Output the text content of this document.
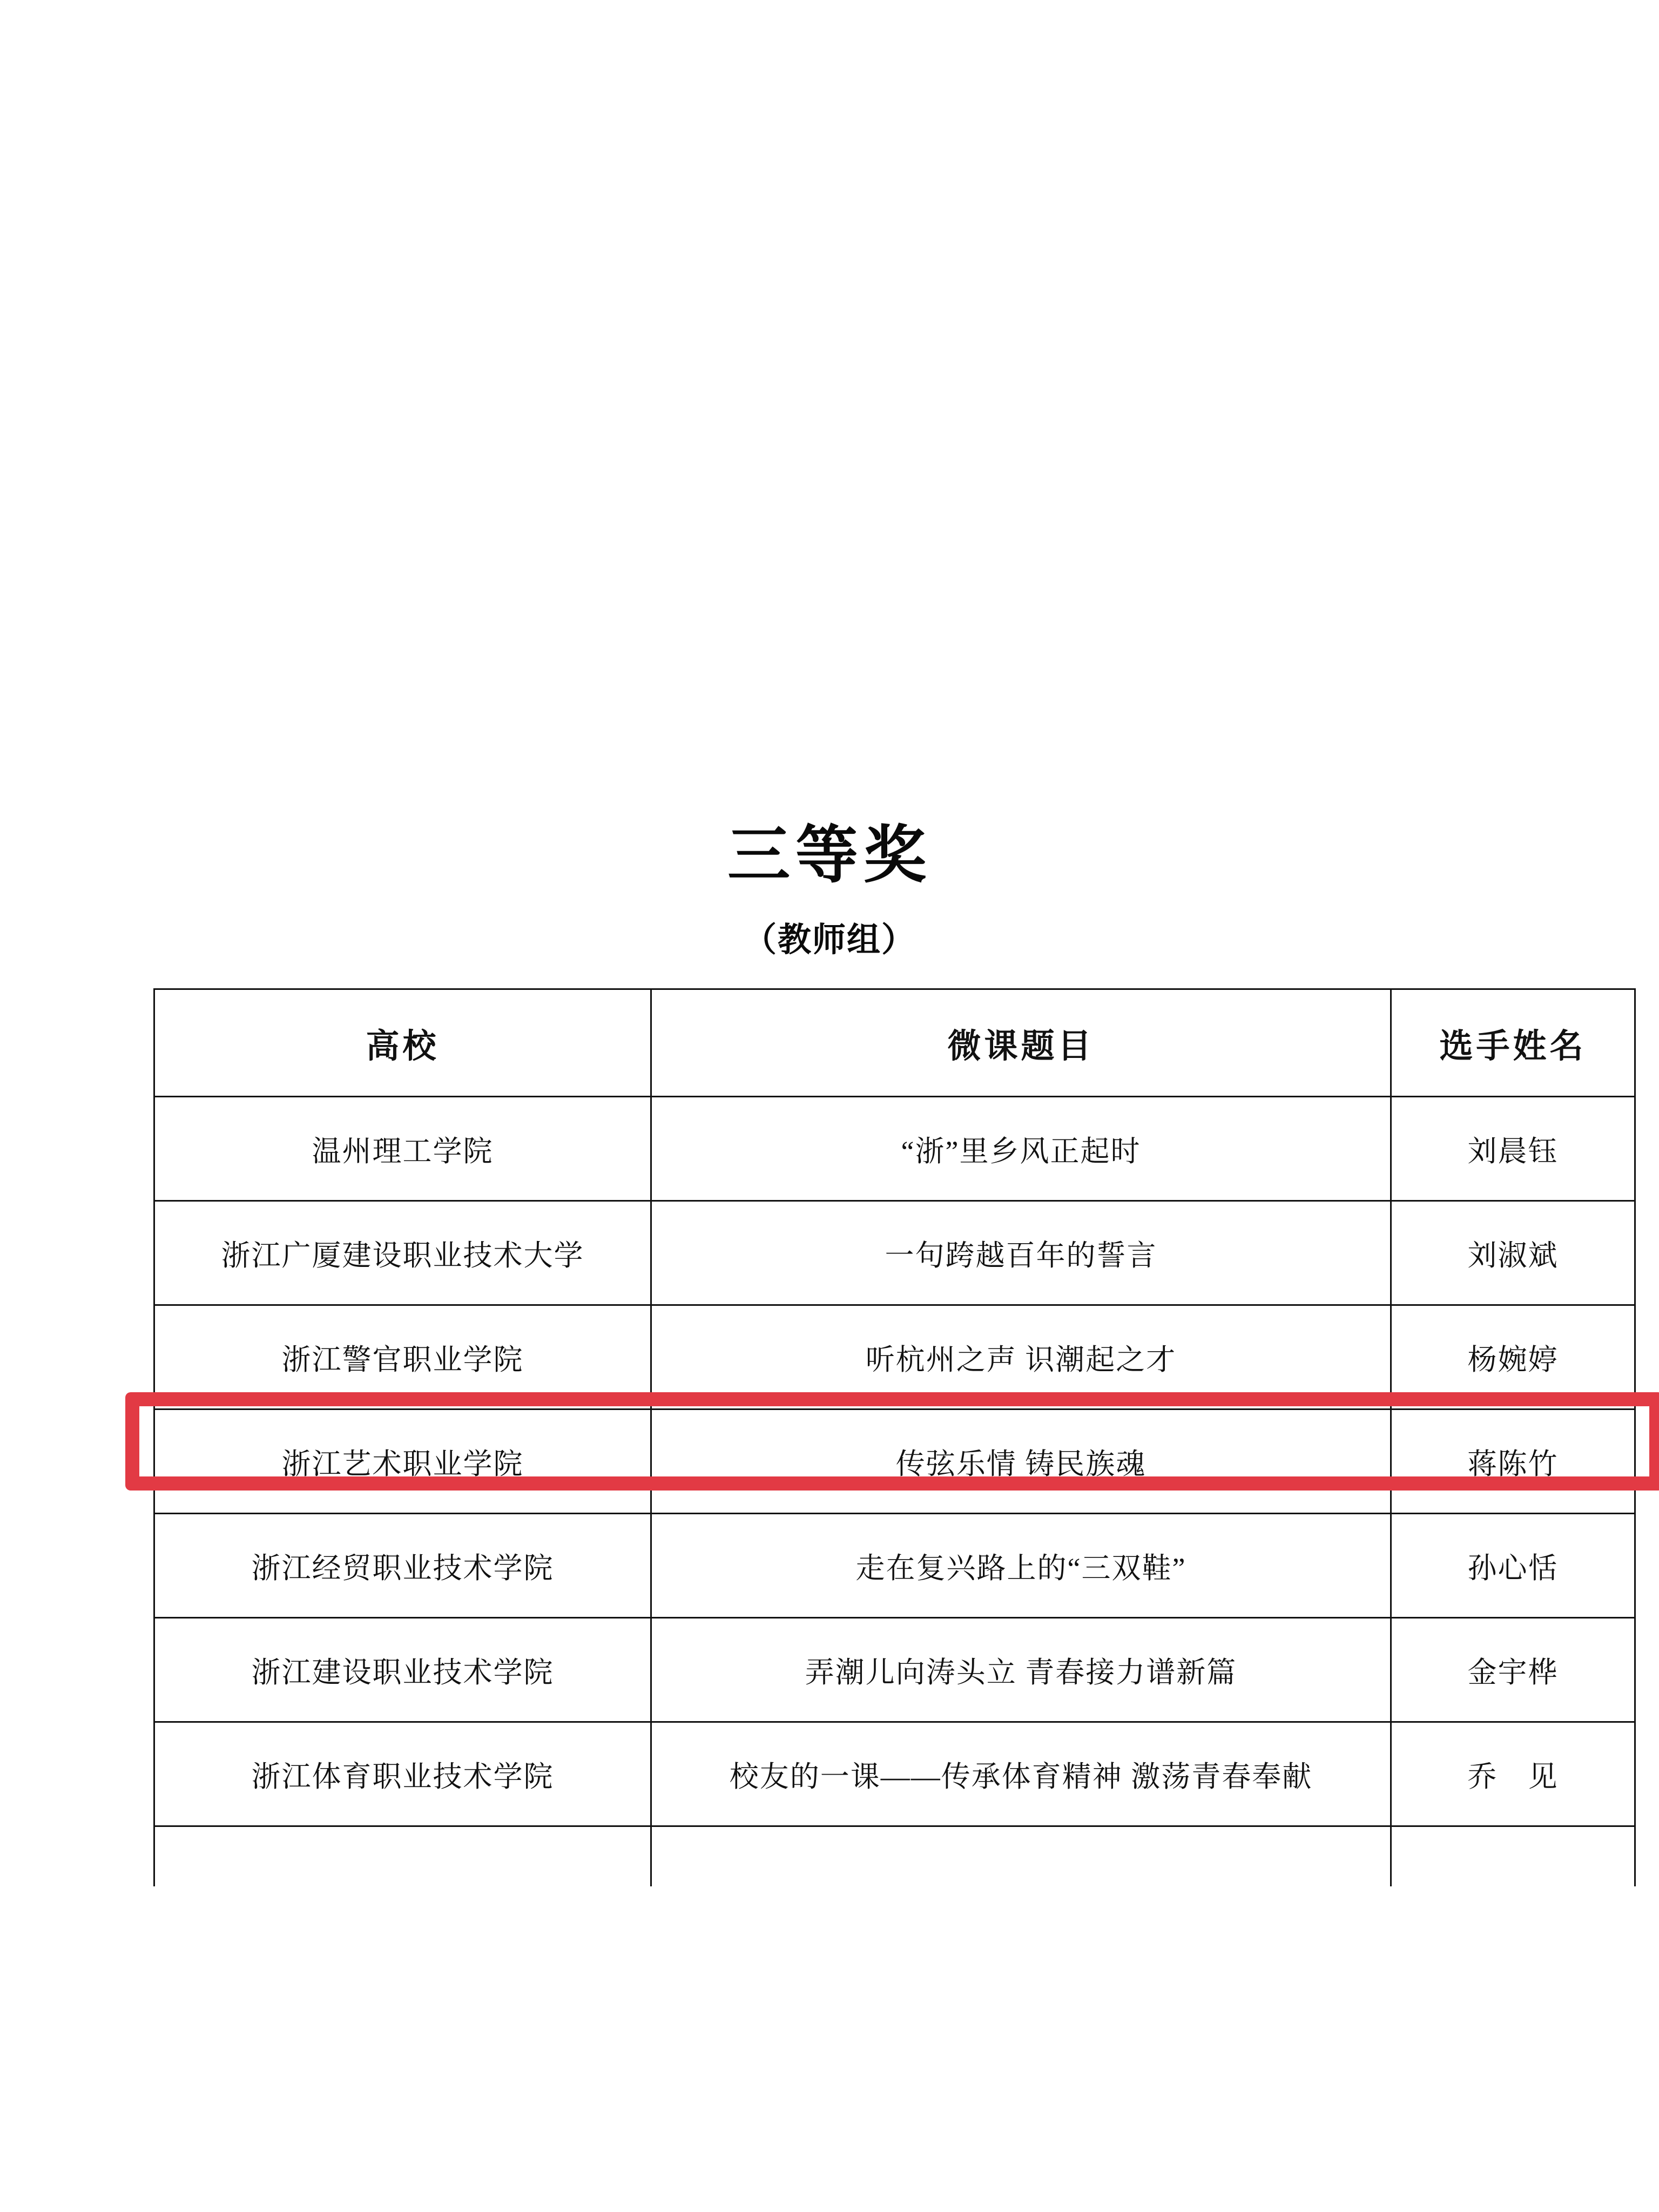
三等奖
（教师组）
高校	微课题目	选手姓名
温州理工学院	“浙”里乡风正起时	刘晨钰
浙江广厦建设职业技术大学	一句跨越百年的誓言	刘淑斌
浙江警官职业学院	听杭州之声 识潮起之才	杨婉婷
浙江艺术职业学院	传弦乐情 铸民族魂	蒋陈竹
浙江经贸职业技术学院	走在复兴路上的“三双鞋”	孙心恬
浙江建设职业技术学院	弄潮儿向涛头立 青春接力谱新篇	金宇桦
浙江体育职业技术学院	校友的一课——传承体育精神 激荡青春奉献	乔　见
